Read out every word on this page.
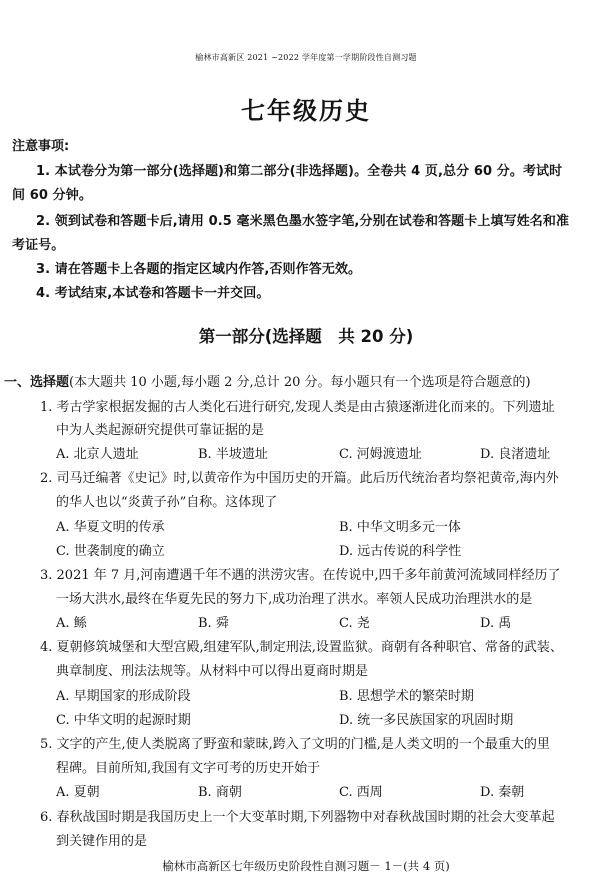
榆林市高新区 2021 ~2022 学年度第一学期阶段性自测习题
七年级历史
注意事项:
1. 本试卷分为第一部分(选择题)和第二部分(非选择题)。全卷共 4 页,总分 60 分。考试时
间 60 分钟。
2. 领到试卷和答题卡后,请用 0.5 毫米黑色墨水签字笔,分别在试卷和答题卡上填写姓名和准
考证号。
3. 请在答题卡上各题的指定区域内作答,否则作答无效。
4. 考试结束,本试卷和答题卡一并交回。
第一部分(选择题　共 20 分)
一、选择题(本大题共 10 小题,每小题 2 分,总计 20 分。每小题只有一个选项是符合题意的)
1. 考古学家根据发掘的古人类化石进行研究,发现人类是由古猿逐渐进化而来的。下列遗址
中为人类起源研究提供可靠证据的是
A. 北京人遗址	B. 半坡遗址	C. 河姆渡遗址	D. 良渚遗址
2. 司马迁编著《史记》时,以黄帝作为中国历史的开篇。此后历代统治者均祭祀黄帝,海内外
的华人也以“炎黄子孙”自称。这体现了
A. 华夏文明的传承	B. 中华文明多元一体
C. 世袭制度的确立	D. 远古传说的科学性
3. 2021 年 7 月,河南遭遇千年不遇的洪涝灾害。在传说中,四千多年前黄河流域同样经历了
一场大洪水,最终在华夏先民的努力下,成功治理了洪水。率领人民成功治理洪水的是
A. 鲧	B. 舜	C. 尧	D. 禹
4. 夏朝修筑城堡和大型宫殿,组建军队,制定刑法,设置监狱。商朝有各种职官、常备的武装、
典章制度、刑法法规等。从材料中可以得出夏商时期是
A. 早期国家的形成阶段	B. 思想学术的繁荣时期
C. 中华文明的起源时期	D. 统一多民族国家的巩固时期
5. 文字的产生,使人类脱离了野蛮和蒙昧,跨入了文明的门槛,是人类文明的一个最重大的里
程碑。目前所知,我国有文字可考的历史开始于
A. 夏朝	B. 商朝	C. 西周	D. 秦朝
6. 春秋战国时期是我国历史上一个大变革时期,下列器物中对春秋战国时期的社会大变革起
到关键作用的是
榆林市高新区七年级历史阶段性自测习题－ 1－(共 4 页)
